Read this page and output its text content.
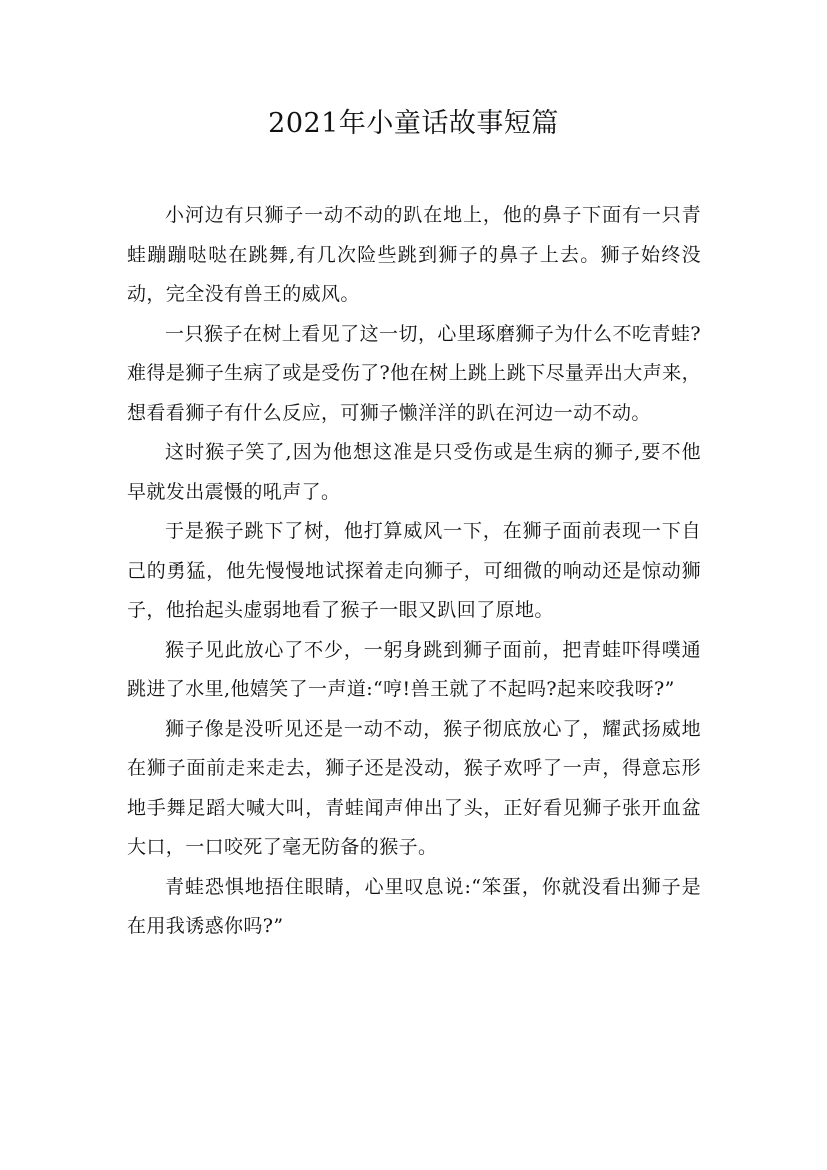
2021年小童话故事短篇

小河边有只狮子一动不动的趴在地上，他的鼻子下面有一只青蛙蹦蹦哒哒在跳舞,有几次险些跳到狮子的鼻子上去。狮子始终没动，完全没有兽王的威风。

一只猴子在树上看见了这一切，心里琢磨狮子为什么不吃青蛙?难得是狮子生病了或是受伤了?他在树上跳上跳下尽量弄出大声来，想看看狮子有什么反应，可狮子懒洋洋的趴在河边一动不动。

这时猴子笑了,因为他想这准是只受伤或是生病的狮子,要不他早就发出震慑的吼声了。

于是猴子跳下了树，他打算威风一下，在狮子面前表现一下自己的勇猛，他先慢慢地试探着走向狮子，可细微的响动还是惊动狮子，他抬起头虚弱地看了猴子一眼又趴回了原地。

猴子见此放心了不少，一躬身跳到狮子面前，把青蛙吓得噗通跳进了水里,他嬉笑了一声道:“哼!兽王就了不起吗?起来咬我呀?”

狮子像是没听见还是一动不动，猴子彻底放心了，耀武扬威地在狮子面前走来走去，狮子还是没动，猴子欢呼了一声，得意忘形地手舞足蹈大喊大叫，青蛙闻声伸出了头，正好看见狮子张开血盆大口，一口咬死了毫无防备的猴子。

青蛙恐惧地捂住眼睛，心里叹息说:“笨蛋，你就没看出狮子是在用我诱惑你吗?”
